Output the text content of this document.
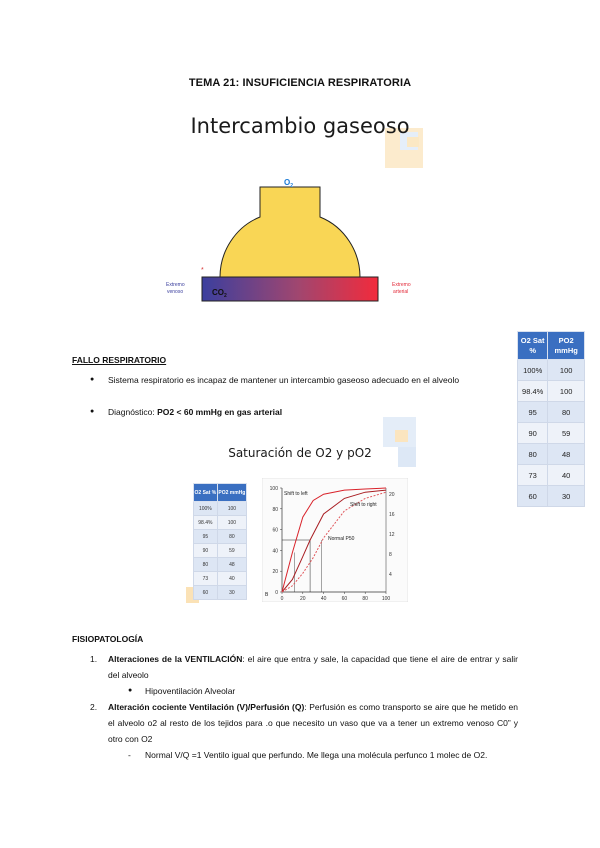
TEMA 21: INSUFICIENCIA RESPIRATORIA
Intercambio gaseoso
$O_2$
$CO_2$
*
Extremo
venoso
Extremo
arterial
O2 Sat %	PO2 mmHg
100%	100
98.4%	100
95	80
90	59
80	48
73	40
60	30
FALLO RESPIRATORIO
● Sistema respiratorio es incapaz de mantener un intercambio gaseoso adecuado en el alveolo
● Diagnóstico: PO2 < 60 mmHg en gas arterial
Saturación de O2 y pO2
O2 Sat %	PO2 mmHg
100%	100
98.4%	100
95	80
90	59
80	48
73	40
60	30
100
80
60
40
20
0
20
16
12
8
4
0	20	40	60	80	100
Shift to left
Shift to right
Normal P50
B
FISIOPATOLOGÍA
1. Alteraciones de la VENTILACIÓN: el aire que entra y sale, la capacidad que tiene el aire de entrar y salir del alveolo
● Hipoventilación Alveolar
2. Alteración cociente Ventilación (V)/Perfusión (Q): Perfusión es como transporto se aire que he metido en el alveolo o2 al resto de los tejidos para .o que necesito un vaso que va a tener un extremo venoso C0” y otro con O2
- Normal V/Q =1 Ventilo igual que perfundo. Me llega una molécula perfunco 1 molec de O2.
